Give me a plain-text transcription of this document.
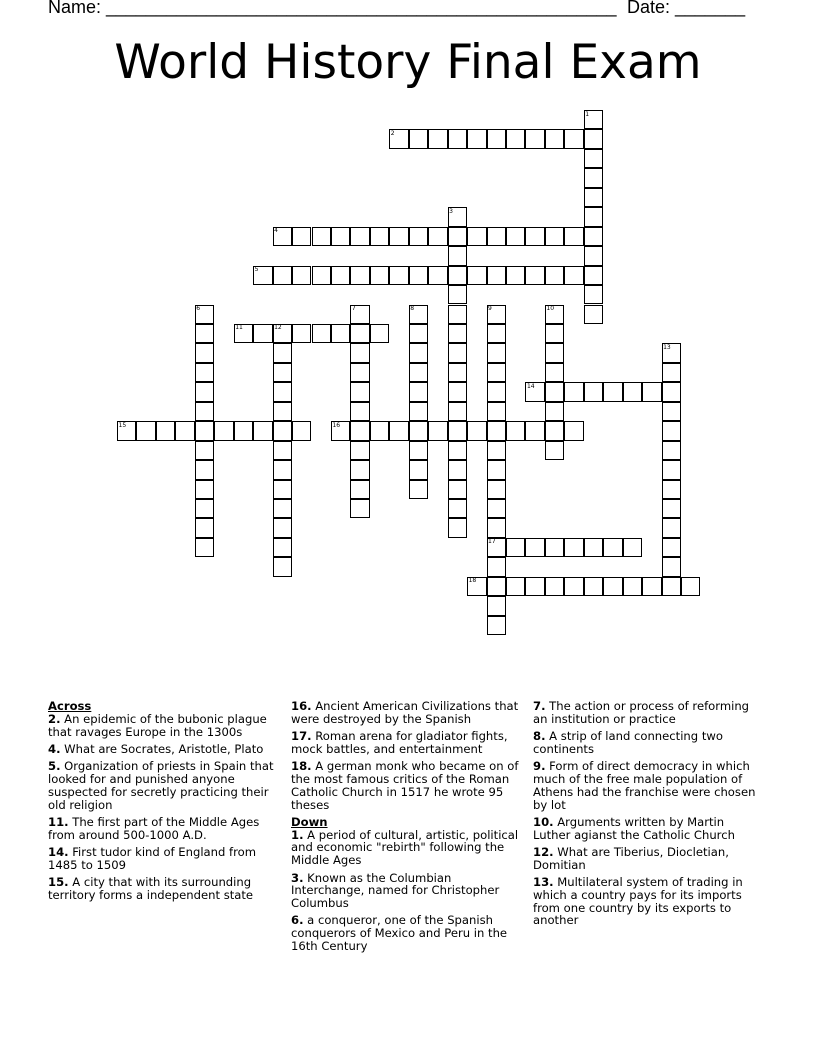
Name: ___________________________________________________ Date: _______
World History Final Exam
1
2
3
4
5
6	7	8	9	10
11	12
13
14
15	16
17
18

Across

2. An epidemic of the bubonic plague that ravages Europe in the 1300s

4. What are Socrates, Aristotle, Plato

5. Organization of priests in Spain that looked for and punished anyone suspected for secretly practicing their old religion

11. The first part of the Middle Ages from around 500-1000 A.D.

14. First tudor kind of England from 1485 to 1509

15. A city that with its surrounding territory forms a independent state

16. Ancient American Civilizations that were destroyed by the Spanish

17. Roman arena for gladiator fights, mock battles, and entertainment

18. A german monk who became on of the most famous critics of the Roman Catholic Church in 1517 he wrote 95 theses

Down

1. A period of cultural, artistic, political and economic "rebirth" following the Middle Ages

3. Known as the Columbian Interchange, named for Christopher Columbus

6. a conqueror, one of the Spanish conquerors of Mexico and Peru in the 16th Century

7. The action or process of reforming an institution or practice

8. A strip of land connecting two continents

9. Form of direct democracy in which much of the free male population of Athens had the franchise were chosen by lot

10. Arguments written by Martin Luther agianst the Catholic Church

12. What are Tiberius, Diocletian, Domitian

13. Multilateral system of trading in which a country pays for its imports from one country by its exports to another
